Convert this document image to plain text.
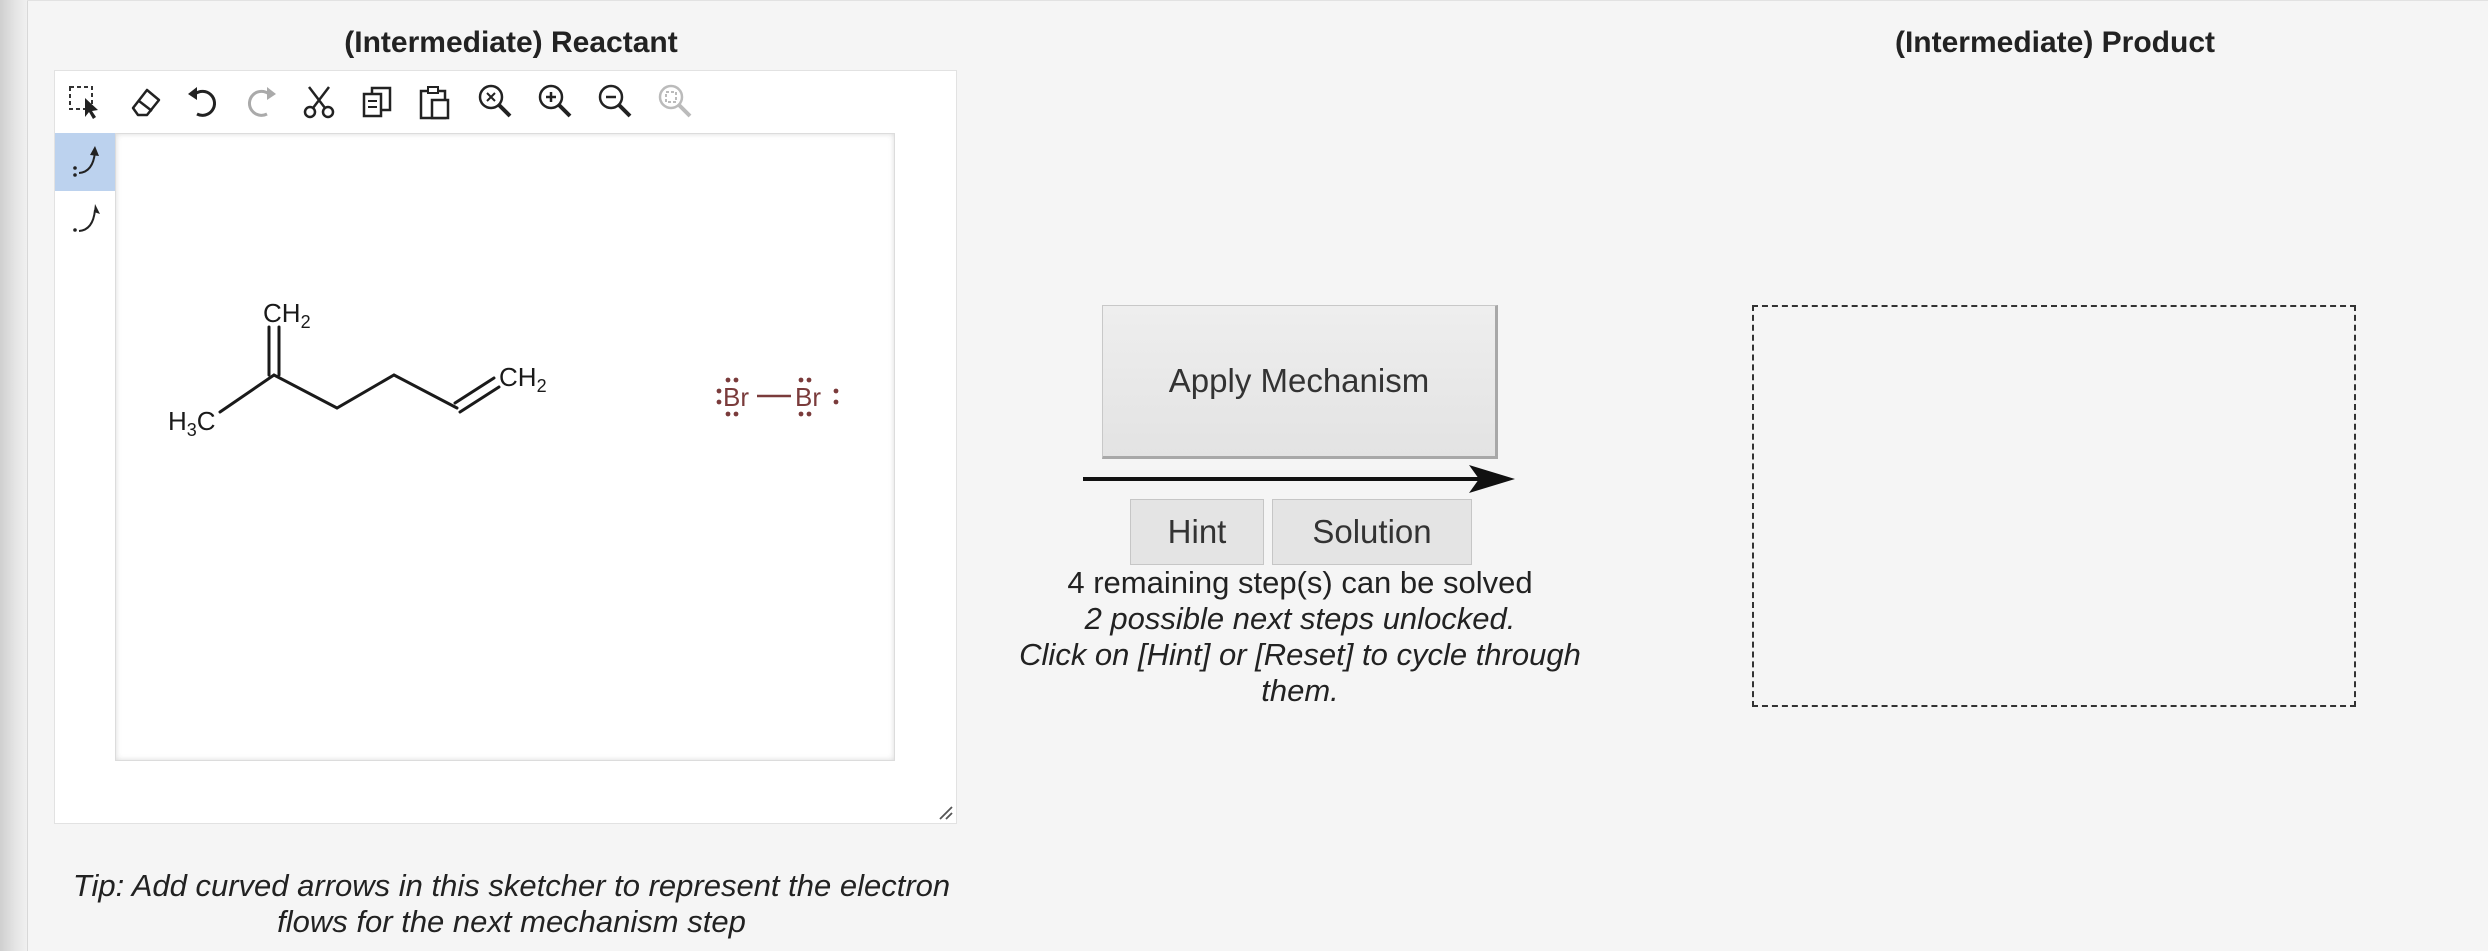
(Intermediate) Reactant	(Intermediate) Product
$CH_2$
$CH_2$
$H_3C$
Br Br
Tip: Add curved arrows in this sketcher to represent the electron flows for the next mechanism step
Apply Mechanism
Hint	Solution
4 remaining step(s) can be solved
2 possible next steps unlocked.
Click on [Hint] or [Reset] to cycle through them.
